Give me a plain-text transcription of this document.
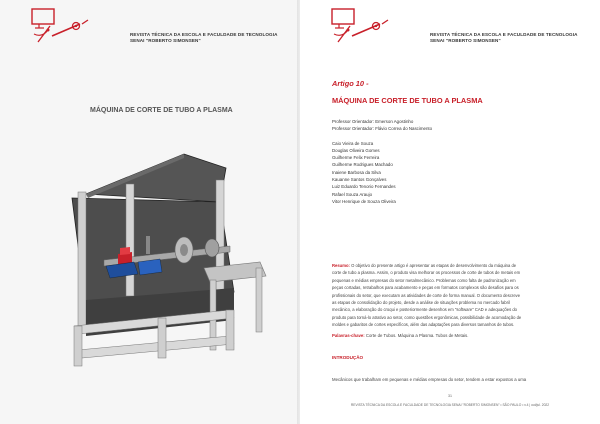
REVISTA TÉCNICA DA ESCOLA E FACULDADE DE TECNOLOGIA
SENAI "ROBERTO SIMONSEN"
MÁQUINA DE CORTE DE TUBO A PLASMA
REVISTA TÉCNICA DA ESCOLA E FACULDADE DE TECNOLOGIA
SENAI "ROBERTO SIMONSEN"
Artigo 10 -
MÁQUINA DE CORTE DE TUBO A PLASMA
Professor Orientador: Emerson Agostinho
Professor Orientador: Flávio Correa do Nascimento
Caio Vieira de Souza
Douglas Oliveira Gomes
Guilherme Felix Ferreira
Guilherme Rodrigues Machado
Inaiene Barbosa da Silva
Kauanne Santos Gonçalves
Luiz Eduardo Tenorio Fernandes
Rafael Souza Araujo
Vitor Henrique de Souza Oliveira
Resumo: O objetivo do presente artigo é apresentar as etapas de desenvolvimento da máquina de
corte de tubo a plasma. Assim, o produto visa melhorar os processos de corte de tubos de metais em
pequenas e médias empresas do setor metalmecânico. Problemas como falta de padronização em
peças cortadas, retrabalhos para acabamento e peças em formatos complexos são desafios para os
profissionais do setor, que executam as atividades de corte de forma manual. O documento descreve
as etapas de consolidação do projeto, desde a análise de situações problema no mercado fabril
mecânico, a elaboração do croqui e posteriormente desenhos em "software" CAD e adequações do
produto para torná-lo atrativo ao setor, como questões ergonômicas, possibilidade de acomodação de
moldes e gabaritos de cortes específicos, além das adaptações para diversos tamanhos de tubos.
Palavras-chave: Corte de Tubos. Máquina a Plasma. Tubos de Metais.
INTRODUÇÃO
Mecânicos que trabalham em pequenas e médias empresas do setor, tendem a estar expostos a uma
31
REVISTA TÉCNICA DA ESCOLA E FACULDADE DE TECNOLOGIA SENAI "ROBERTO SIMONSEN" • SÃO PAULO • v.4 | out/jul. 2022
